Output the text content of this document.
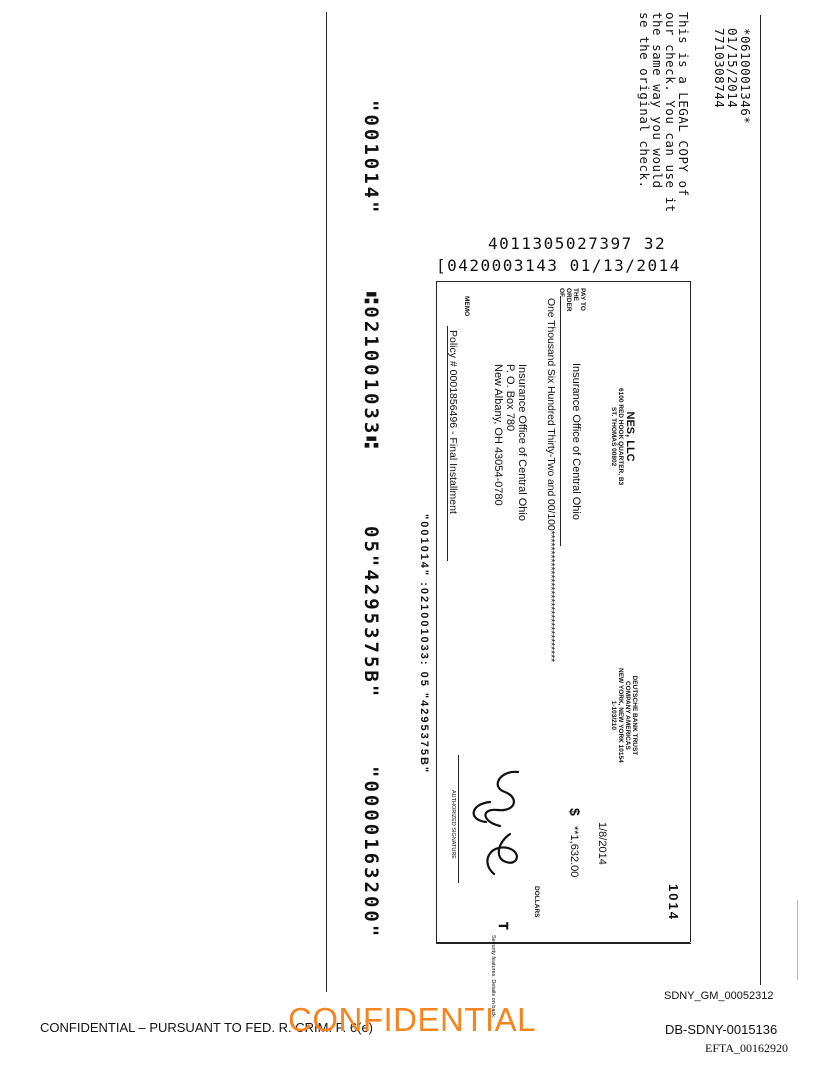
*0610001346*
01/15/2014
7710308744
This is a LEGAL COPY of
our check. You can use it
the same way you would
se the original check.
4011305027397 32
[0420003143 01/13/2014
NES, LLC
6100 RED HOOK QUARTER, B3
ST. THOMAS 00802
DEUTSCHE BANK TRUST
COMPANY AMERICAS
NEW YORK, NEW YORK 10154
1-103/210
1/8/2014
1014
PAY TO THE ORDER OF
Insurance Office of Central Ohio
$
**1,632.00
One Thousand Six Hundred Thirty-Two and 00/100*********************************
DOLLARS
Insurance Office of Central Ohio
P. O. Box 780
New Albany, OH 43054-0780
MEMO
Policy # 0001856496 - Final Installment
AUTHORIZED SIGNATURE
𝐓
Security features. Details on back.
"001014" :021001033: 05 "4295375B"
"001014"
⑆021001033⑆
05"4295375B"
"0000163200"
CONFIDENTIAL – PURSUANT TO FED. R. CRIM. P. 6(e)
CONFIDENTIAL
SDNY_GM_00052312
DB-SDNY-0015136
EFTA_00162920
